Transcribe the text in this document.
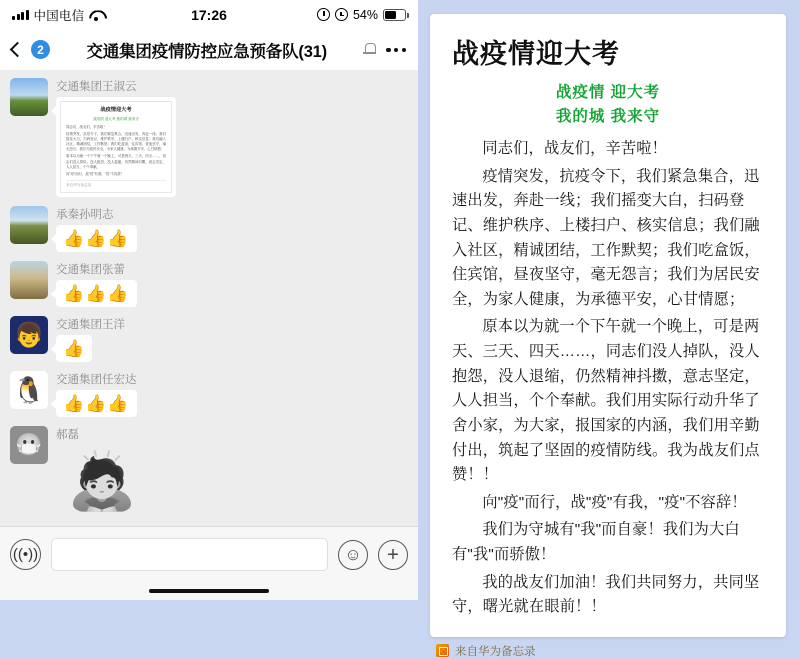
中国电信	17:26	54%
2	交通集团疫情防控应急预备队(31)
交通集团王淑云
战疫情迎大考
战疫情 迎大考 我的城 我来守
同志们，战友们，辛苦啦！
疫情突发，抗疫令下，我们紧急集合，迅速出发，奔赴一线；我们摇变大白，扫码登记、维护秩序、上楼扫户、核实信息；我们融入社区，精诚团结，工作默契；我们吃盒饭，住宾馆，昼夜坚守，毫无怨言；我们为居民安全，为家人健康，为承德平安，心甘情愿；
原本以为就一个下午就一个晚上，可是两天、三天、四天……，同志们没人掉队，没人抱怨，没人退缩，仍然精神抖擞，意志坚定，人人担当，个个奉献。
向"疫"而行、战"疫"有我，"疫"不容辞！
来自华为备忘录
承秦孙明志
👍👍👍
交通集团张蕾
👍👍👍
👦
交通集团王洋
👍
🐧
交通集团任宏达
👍👍👍
😷
郝磊
🙇
((•))	☺	+
战疫情迎大考
战疫情 迎大考
我的城 我来守

同志们，战友们，辛苦啦！

疫情突发，抗疫令下，我们紧急集合，迅速出发，奔赴一线；我们摇变大白，扫码登记、维护秩序、上楼扫户、核实信息；我们融入社区，精诚团结，工作默契；我们吃盒饭，住宾馆，昼夜坚守，毫无怨言；我们为居民安全，为家人健康，为承德平安，心甘情愿；

原本以为就一个下午就一个晚上，可是两天、三天、四天……，同志们没人掉队，没人抱怨，没人退缩，仍然精神抖擞，意志坚定，人人担当，个个奉献。我们用实际行动升华了舍小家，为大家，报国家的内涵，我们用辛勤付出，筑起了坚固的疫情防线。我为战友们点赞！！

向"疫"而行，战"疫"有我，"疫"不容辞！

我们为守城有"我"而自豪！我们为大白有"我"而骄傲！

我的战友们加油！我们共同努力，共同坚守，曙光就在眼前！！

来自华为备忘录
